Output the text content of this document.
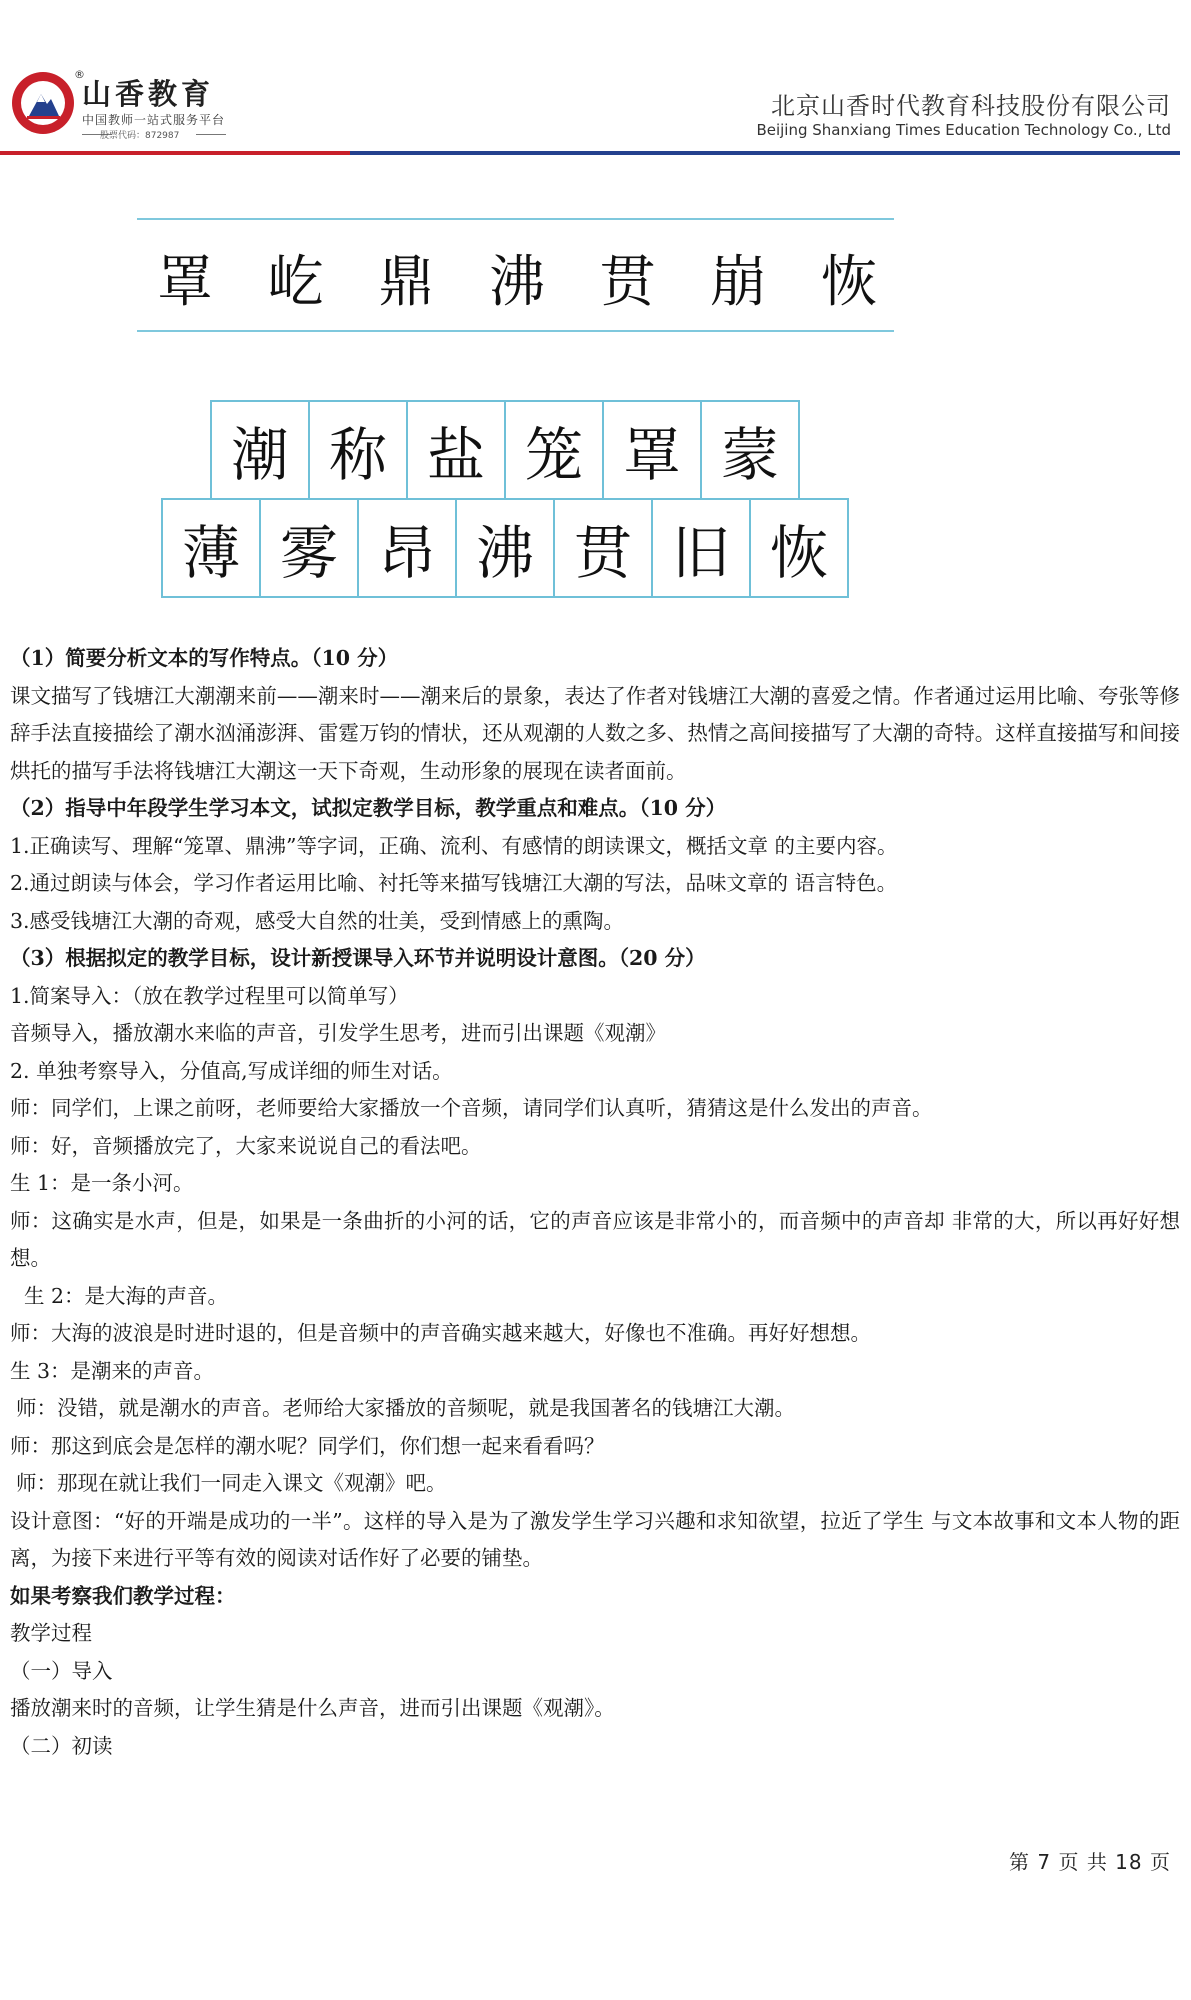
®
山香教育
中国教师一站式服务平台
股票代码：872987
北京山香时代教育科技股份有限公司
Beijing Shanxiang Times Education Technology Co., Ltd
罩 屹 鼎 沸 贯 崩 恢
潮 称 盐 笼 罩 蒙
薄 雾 昂 沸 贯 旧 恢
（1）简要分析文本的写作特点。（10 分）
课文描写了钱塘江大潮潮来前——潮来时——潮来后的景象，表达了作者对钱塘江大潮的喜爱之情。作者通过运用比喻、夸张等修辞手法直接描绘了潮水汹涌澎湃、雷霆万钧的情状，还从观潮的人数之多、热情之高间接描写了大潮的奇特。这样直接描写和间接烘托的描写手法将钱塘江大潮这一天下奇观，生动形象的展现在读者面前。
（2）指导中年段学生学习本文，试拟定教学目标，教学重点和难点。（10 分）
1.正确读写、理解“笼罩、鼎沸”等字词，正确、流利、有感情的朗读课文，概括文章 的主要内容。
2.通过朗读与体会，学习作者运用比喻、衬托等来描写钱塘江大潮的写法，品味文章的 语言特色。
3.感受钱塘江大潮的奇观，感受大自然的壮美，受到情感上的熏陶。
（3）根据拟定的教学目标，设计新授课导入环节并说明设计意图。（20 分）
1.简案导入：（放在教学过程里可以简单写）
音频导入，播放潮水来临的声音，引发学生思考，进而引出课题《观潮》
2. 单独考察导入，分值高,写成详细的师生对话。
师：同学们，上课之前呀，老师要给大家播放一个音频，请同学们认真听，猜猜这是什么发出的声音。
师：好，音频播放完了，大家来说说自己的看法吧。
生 1：是一条小河。
师：这确实是水声，但是，如果是一条曲折的小河的话，它的声音应该是非常小的，而音频中的声音却 非常的大，所以再好好想想。
生 2：是大海的声音。
师：大海的波浪是时进时退的，但是音频中的声音确实越来越大，好像也不准确。再好好想想。
生 3：是潮来的声音。
师：没错，就是潮水的声音。老师给大家播放的音频呢，就是我国著名的钱塘江大潮。
师：那这到底会是怎样的潮水呢？同学们，你们想一起来看看吗？
师：那现在就让我们一同走入课文《观潮》吧。
设计意图：“好的开端是成功的一半”。这样的导入是为了激发学生学习兴趣和求知欲望，拉近了学生 与文本故事和文本人物的距离，为接下来进行平等有效的阅读对话作好了必要的铺垫。
如果考察我们教学过程：
教学过程
（一）导入
播放潮来时的音频，让学生猜是什么声音，进而引出课题《观潮》。
（二）初读
第 7 页 共 18 页
